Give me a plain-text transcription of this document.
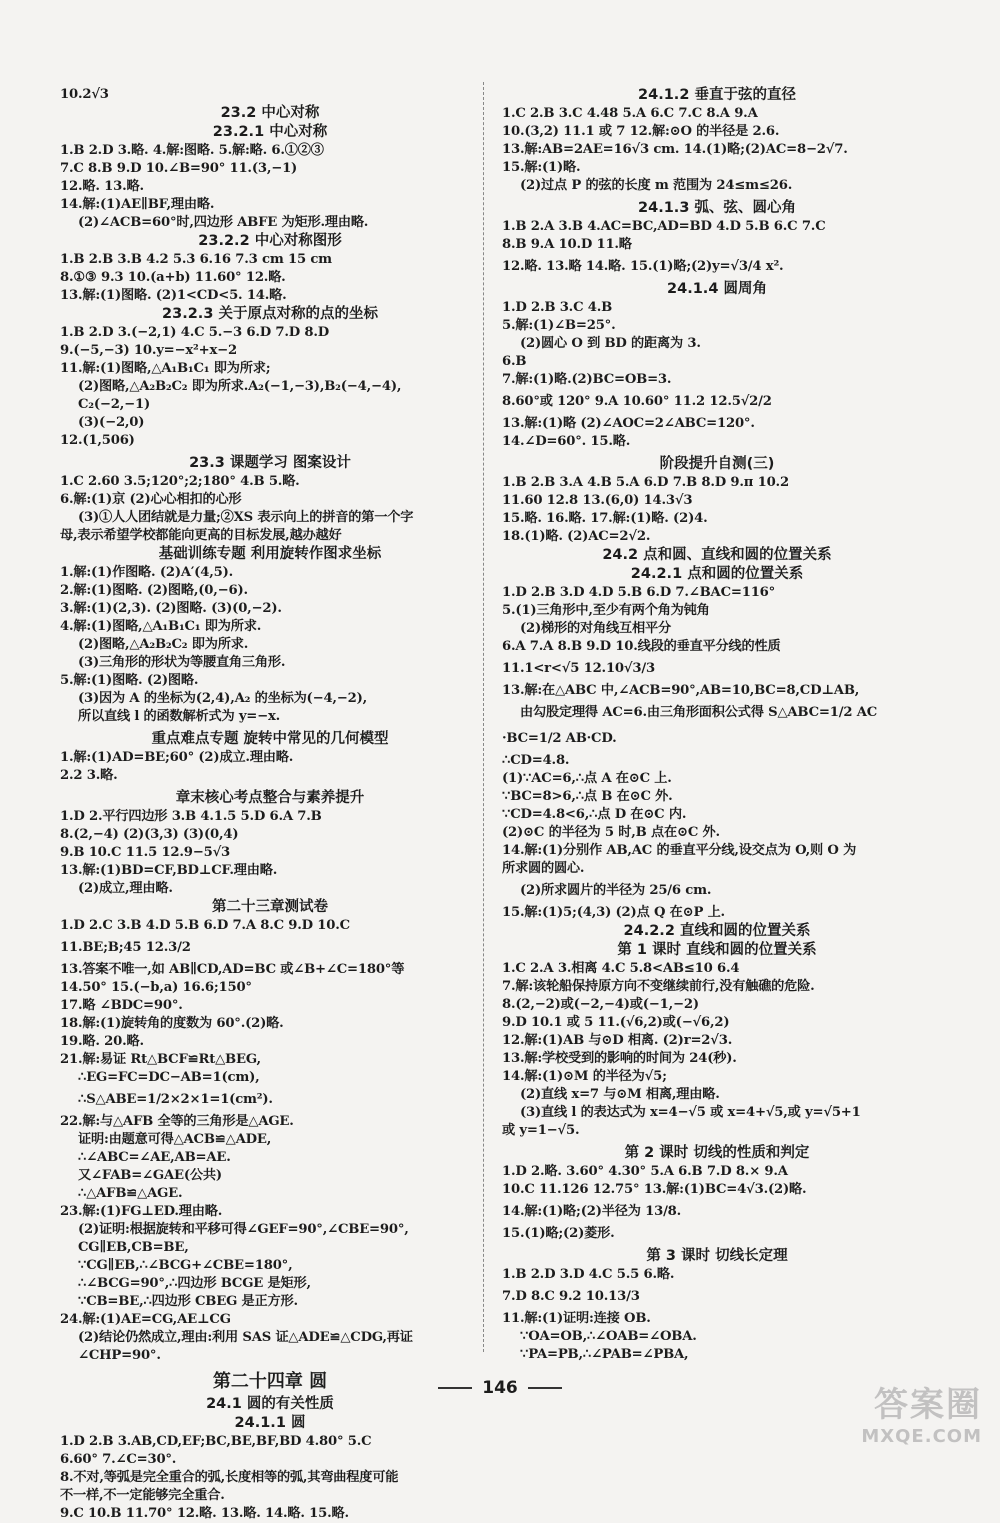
10.2√3
23.2 中心对称
23.2.1 中心对称
1.B 2.D 3.略. 4.解:图略. 5.解:略. 6.①②③
7.C 8.B 9.D 10.∠B=90° 11.(3,−1)
12.略. 13.略.
14.解:(1)AE∥BF,理由略.
(2)∠ACB=60°时,四边形 ABFE 为矩形.理由略.
23.2.2 中心对称图形
1.B 2.B 3.B 4.2 5.3 6.16 7.3 cm 15 cm
8.①③ 9.3 10.(a+b) 11.60° 12.略.
13.解:(1)图略. (2)1<CD<5. 14.略.
23.2.3 关于原点对称的点的坐标
1.B 2.D 3.(−2,1) 4.C 5.−3 6.D 7.D 8.D
9.(−5,−3) 10.y=−x²+x−2
11.解:(1)图略,△A₁B₁C₁ 即为所求;
(2)图略,△A₂B₂C₂ 即为所求.A₂(−1,−3),B₂(−4,−4),
C₂(−2,−1)
(3)(−2,0)
12.(1,506)
23.3 课题学习 图案设计
1.C 2.60 3.5;120°;2;180° 4.B 5.略.
6.解:(1)京 (2)心心相扣的心形
(3)①人人团结就是力量;②XS 表示向上的拼音的第一个字
母,表示希望学校都能向更高的目标发展,越办越好
基础训练专题 利用旋转作图求坐标
1.解:(1)作图略. (2)A′(4,5).
2.解:(1)图略. (2)图略,(0,−6).
3.解:(1)(2,3). (2)图略. (3)(0,−2).
4.解:(1)图略,△A₁B₁C₁ 即为所求.
(2)图略,△A₂B₂C₂ 即为所求.
(3)三角形的形状为等腰直角三角形.
5.解:(1)图略. (2)图略.
(3)因为 A 的坐标为(2,4),A₂ 的坐标为(−4,−2),
所以直线 l 的函数解析式为 y=−x.
重点难点专题 旋转中常见的几何模型
1.解:(1)AD=BE;60° (2)成立.理由略.
2.2 3.略.
章末核心考点整合与素养提升
1.D 2.平行四边形 3.B 4.1.5 5.D 6.A 7.B
8.(2,−4) (2)(3,3) (3)(0,4)
9.B 10.C 11.5 12.9−5√3
13.解:(1)BD=CF,BD⊥CF.理由略.
(2)成立,理由略.
第二十三章测试卷
1.D 2.C 3.B 4.D 5.B 6.D 7.A 8.C 9.D 10.C
11.BE;B;45 12.3/2
13.答案不唯一,如 AB∥CD,AD=BC 或∠B+∠C=180°等
14.50° 15.(−b,a) 16.6;150°
17.略 ∠BDC=90°.
18.解:(1)旋转角的度数为 60°.(2)略.
19.略. 20.略.
21.解:易证 Rt△BCF≌Rt△BEG,
∴EG=FC=DC−AB=1(cm),
∴S△ABE=1/2×2×1=1(cm²).
22.解:与△AFB 全等的三角形是△AGE.
证明:由题意可得△ACB≌△ADE,
∴∠ABC=∠AE,AB=AE.
又∠FAB=∠GAE(公共)
∴△AFB≌△AGE.
23.解:(1)FG⊥ED.理由略.
(2)证明:根据旋转和平移可得∠GEF=90°,∠CBE=90°,
CG∥EB,CB=BE,
∵CG∥EB,∴∠BCG+∠CBE=180°,
∴∠BCG=90°,∴四边形 BCGE 是矩形,
∵CB=BE,∴四边形 CBEG 是正方形.
24.解:(1)AE=CG,AE⊥CG
(2)结论仍然成立,理由:利用 SAS 证△ADE≌△CDG,再证
∠CHP=90°.
第二十四章 圆
24.1 圆的有关性质
24.1.1 圆
1.D 2.B 3.AB,CD,EF;BC,BE,BF,BD 4.80° 5.C
6.60° 7.∠C=30°.
8.不对,等弧是完全重合的弧,长度相等的弧,其弯曲程度可能
不一样,不一定能够完全重合.
9.C 10.B 11.70° 12.略. 13.略. 14.略. 15.略.
24.1.2 垂直于弦的直径
1.C 2.B 3.C 4.48 5.A 6.C 7.C 8.A 9.A
10.(3,2) 11.1 或 7 12.解:⊙O 的半径是 2.6.
13.解:AB=2AE=16√3 cm. 14.(1)略;(2)AC=8−2√7.
15.解:(1)略.
(2)过点 P 的弦的长度 m 范围为 24≤m≤26.
24.1.3 弧、弦、圆心角
1.B 2.A 3.B 4.AC=BC,AD=BD 4.D 5.B 6.C 7.C
8.B 9.A 10.D 11.略
12.略. 13.略 14.略. 15.(1)略;(2)y=√3/4 x².
24.1.4 圆周角
1.D 2.B 3.C 4.B
5.解:(1)∠B=25°.
(2)圆心 O 到 BD 的距离为 3.
6.B
7.解:(1)略.(2)BC=OB=3.
8.60°或 120° 9.A 10.60° 11.2 12.5√2/2
13.解:(1)略 (2)∠AOC=2∠ABC=120°.
14.∠D=60°. 15.略.
阶段提升自测(三)
1.B 2.B 3.A 4.B 5.A 6.D 7.B 8.D 9.π 10.2
11.60 12.8 13.(6,0) 14.3√3
15.略. 16.略. 17.解:(1)略. (2)4.
18.(1)略. (2)AC=2√2.
24.2 点和圆、直线和圆的位置关系
24.2.1 点和圆的位置关系
1.D 2.B 3.D 4.D 5.B 6.D 7.∠BAC=116°
5.(1)三角形中,至少有两个角为钝角
(2)梯形的对角线互相平分
6.A 7.A 8.B 9.D 10.线段的垂直平分线的性质
11.1<r<√5 12.10√3/3
13.解:在△ABC 中,∠ACB=90°,AB=10,BC=8,CD⊥AB,
由勾股定理得 AC=6.由三角形面积公式得 S△ABC=1/2 AC
·BC=1/2 AB·CD.
∴CD=4.8.
(1)∵AC=6,∴点 A 在⊙C 上.
∵BC=8>6,∴点 B 在⊙C 外.
∵CD=4.8<6,∴点 D 在⊙C 内.
(2)⊙C 的半径为 5 时,B 点在⊙C 外.
14.解:(1)分别作 AB,AC 的垂直平分线,设交点为 O,则 O 为
所求圆的圆心.
(2)所求圆片的半径为 25/6 cm.
15.解:(1)5;(4,3) (2)点 Q 在⊙P 上.
24.2.2 直线和圆的位置关系
第 1 课时 直线和圆的位置关系
1.C 2.A 3.相离 4.C 5.8<AB≤10 6.4
7.解:该轮船保持原方向不变继续前行,没有触礁的危险.
8.(2,−2)或(−2,−4)或(−1,−2)
9.D 10.1 或 5 11.(√6,2)或(−√6,2)
12.解:(1)AB 与⊙D 相离. (2)r=2√3.
13.解:学校受到的影响的时间为 24(秒).
14.解:(1)⊙M 的半径为√5;
(2)直线 x=7 与⊙M 相离,理由略.
(3)直线 l 的表达式为 x=4−√5 或 x=4+√5,或 y=√5+1
或 y=1−√5.
第 2 课时 切线的性质和判定
1.D 2.略. 3.60° 4.30° 5.A 6.B 7.D 8.× 9.A
10.C 11.126 12.75° 13.解:(1)BC=4√3.(2)略.
14.解:(1)略;(2)半径为 13/8.
15.(1)略;(2)菱形.
第 3 课时 切线长定理
1.B 2.D 3.D 4.C 5.5 6.略.
7.D 8.C 9.2 10.13/3
11.解:(1)证明:连接 OB.
∵OA=OB,∴∠OAB=∠OBA.
∵PA=PB,∴∠PAB=∠PBA,
146	答案圈
MXQE.COM
